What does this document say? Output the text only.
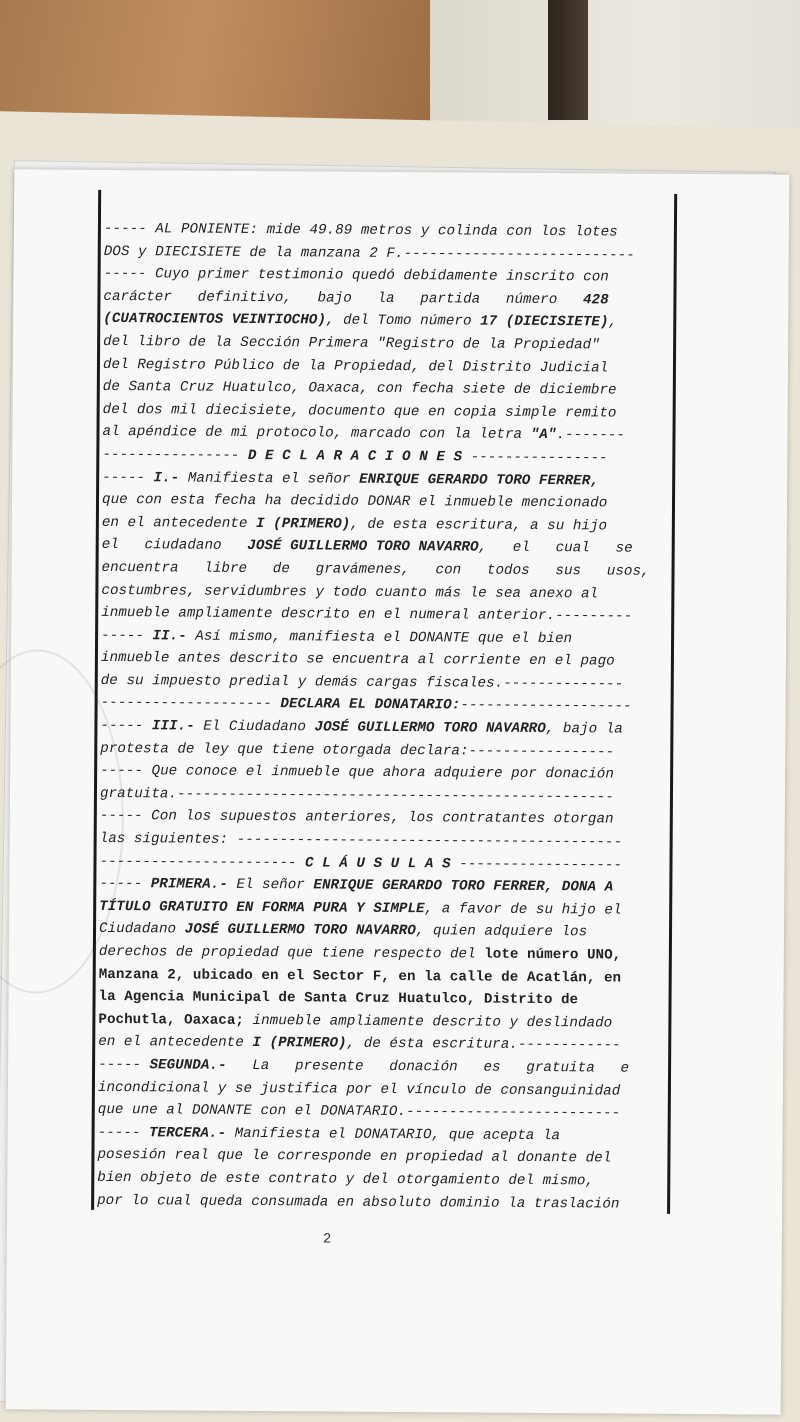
----- AL PONIENTE: mide 49.89 metros y colinda con los lotes
DOS y DIECISIETE de la manzana 2 F.---------------------------
----- Cuyo primer testimonio quedó debidamente inscrito con
carácter   definitivo,   bajo   la   partida   número   428
(CUATROCIENTOS VEINTIOCHO), del Tomo número 17 (DIECISIETE),
del libro de la Sección Primera "Registro de la Propiedad"
del Registro Público de la Propiedad, del Distrito Judicial
de Santa Cruz Huatulco, Oaxaca, con fecha siete de diciembre
del dos mil diecisiete, documento que en copia simple remito
al apéndice de mi protocolo, marcado con la letra "A".-------
---------------- D E C L A R A C I O N E S ----------------
----- I.- Manifiesta el señor ENRIQUE GERARDO TORO FERRER,
que con esta fecha ha decidido DONAR el inmueble mencionado
en el antecedente I (PRIMERO), de esta escritura, a su hijo
el   ciudadano   JOSÉ GUILLERMO TORO NAVARRO,   el   cual   se
encuentra   libre   de   gravámenes,   con   todos   sus   usos,
costumbres, servidumbres y todo cuanto más le sea anexo al
inmueble ampliamente descrito en el numeral anterior.---------
----- II.- Así mismo, manifiesta el DONANTE que el bien
inmueble antes descrito se encuentra al corriente en el pago
de su impuesto predial y demás cargas fiscales.--------------
-------------------- DECLARA EL DONATARIO:--------------------
----- III.- El Ciudadano JOSÉ GUILLERMO TORO NAVARRO, bajo la
protesta de ley que tiene otorgada declara:-----------------
----- Que conoce el inmueble que ahora adquiere por donación
gratuita.---------------------------------------------------
----- Con los supuestos anteriores, los contratantes otorgan
las siguientes: ---------------------------------------------
----------------------- C L Á U S U L A S -------------------
----- PRIMERA.- El señor ENRIQUE GERARDO TORO FERRER, DONA A
TÍTULO GRATUITO EN FORMA PURA Y SIMPLE, a favor de su hijo el
Ciudadano JOSÉ GUILLERMO TORO NAVARRO, quien adquiere los
derechos de propiedad que tiene respecto del lote número UNO,
Manzana 2, ubicado en el Sector F, en la calle de Acatlán, en
la Agencia Municipal de Santa Cruz Huatulco, Distrito de
Pochutla, Oaxaca; inmueble ampliamente descrito y deslindado
en el antecedente I (PRIMERO), de ésta escritura.------------
----- SEGUNDA.-   La   presente   donación   es   gratuita   e
incondicional y se justifica por el vínculo de consanguinidad
que une al DONANTE con el DONATARIO.-------------------------
----- TERCERA.- Manifiesta el DONATARIO, que acepta la
posesión real que le corresponde en propiedad al donante del
bien objeto de este contrato y del otorgamiento del mismo,
por lo cual queda consumada en absoluto dominio la traslación
2
